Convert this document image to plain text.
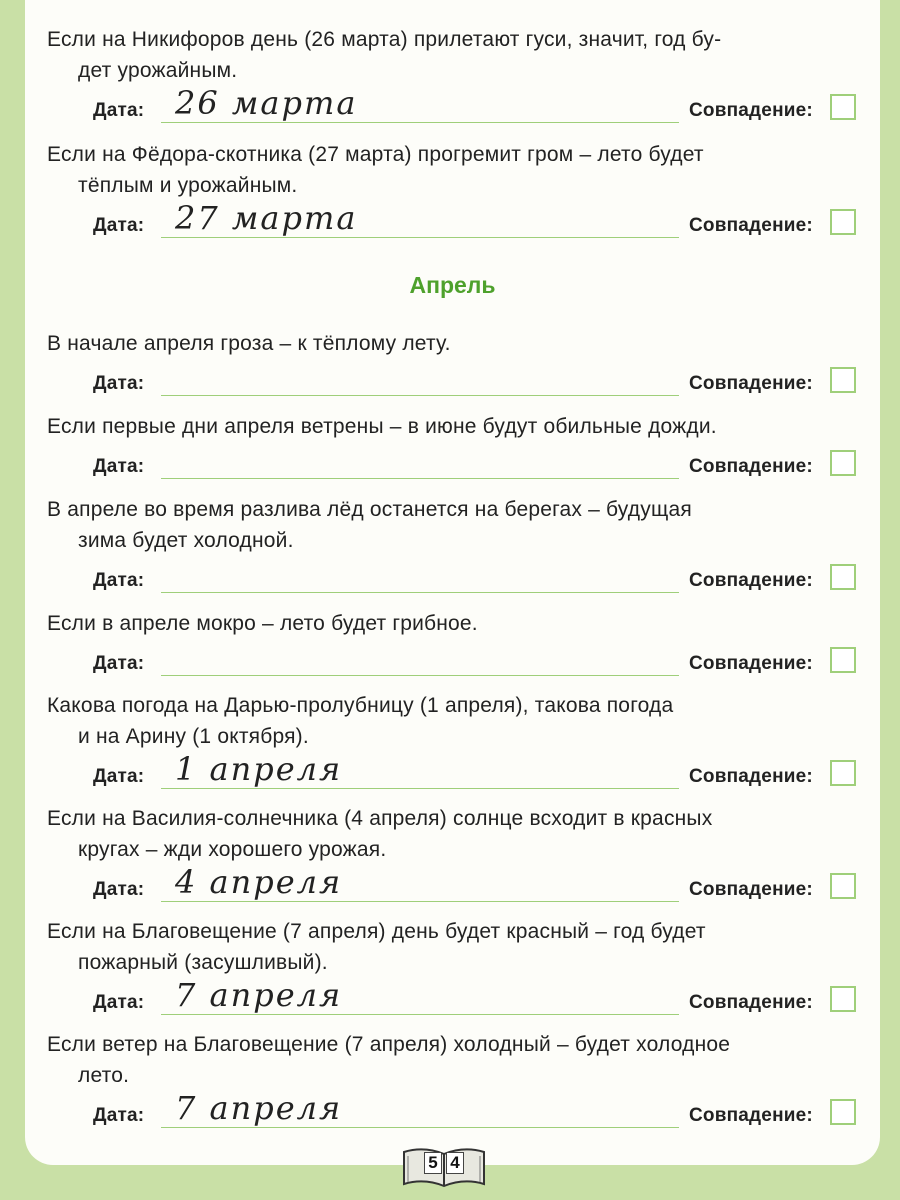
Если на Никифоров день (26 марта) прилетают гуси, значит, год бу-
дет урожайным.

Дата: 26 марта	Совпадение:

Если на Фёдора-скотника (27 марта) прогремит гром – лето будет
тёплым и урожайным.

Дата: 27 марта	Совпадение:
Апрель

В начале апреля гроза – к тёплому лету.

Дата:	Совпадение:

Если первые дни апреля ветрены – в июне будут обильные дожди.

Дата:	Совпадение:

В апреле во время разлива лёд останется на берегах – будущая
зима будет холодной.

Дата:	Совпадение:

Если в апреле мокро – лето будет грибное.

Дата:	Совпадение:

Какова погода на Дарью-пролубницу (1 апреля), такова погода
и на Арину (1 октября).

Дата: 1 апреля	Совпадение:

Если на Василия-солнечника (4 апреля) солнце всходит в красных
кругах – жди хорошего урожая.

Дата: 4 апреля	Совпадение:

Если на Благовещение (7 апреля) день будет красный – год будет
пожарный (засушливый).

Дата: 7 апреля	Совпадение:

Если ветер на Благовещение (7 апреля) холодный – будет холодное
лето.

Дата: 7 апреля	Совпадение:
5 4
